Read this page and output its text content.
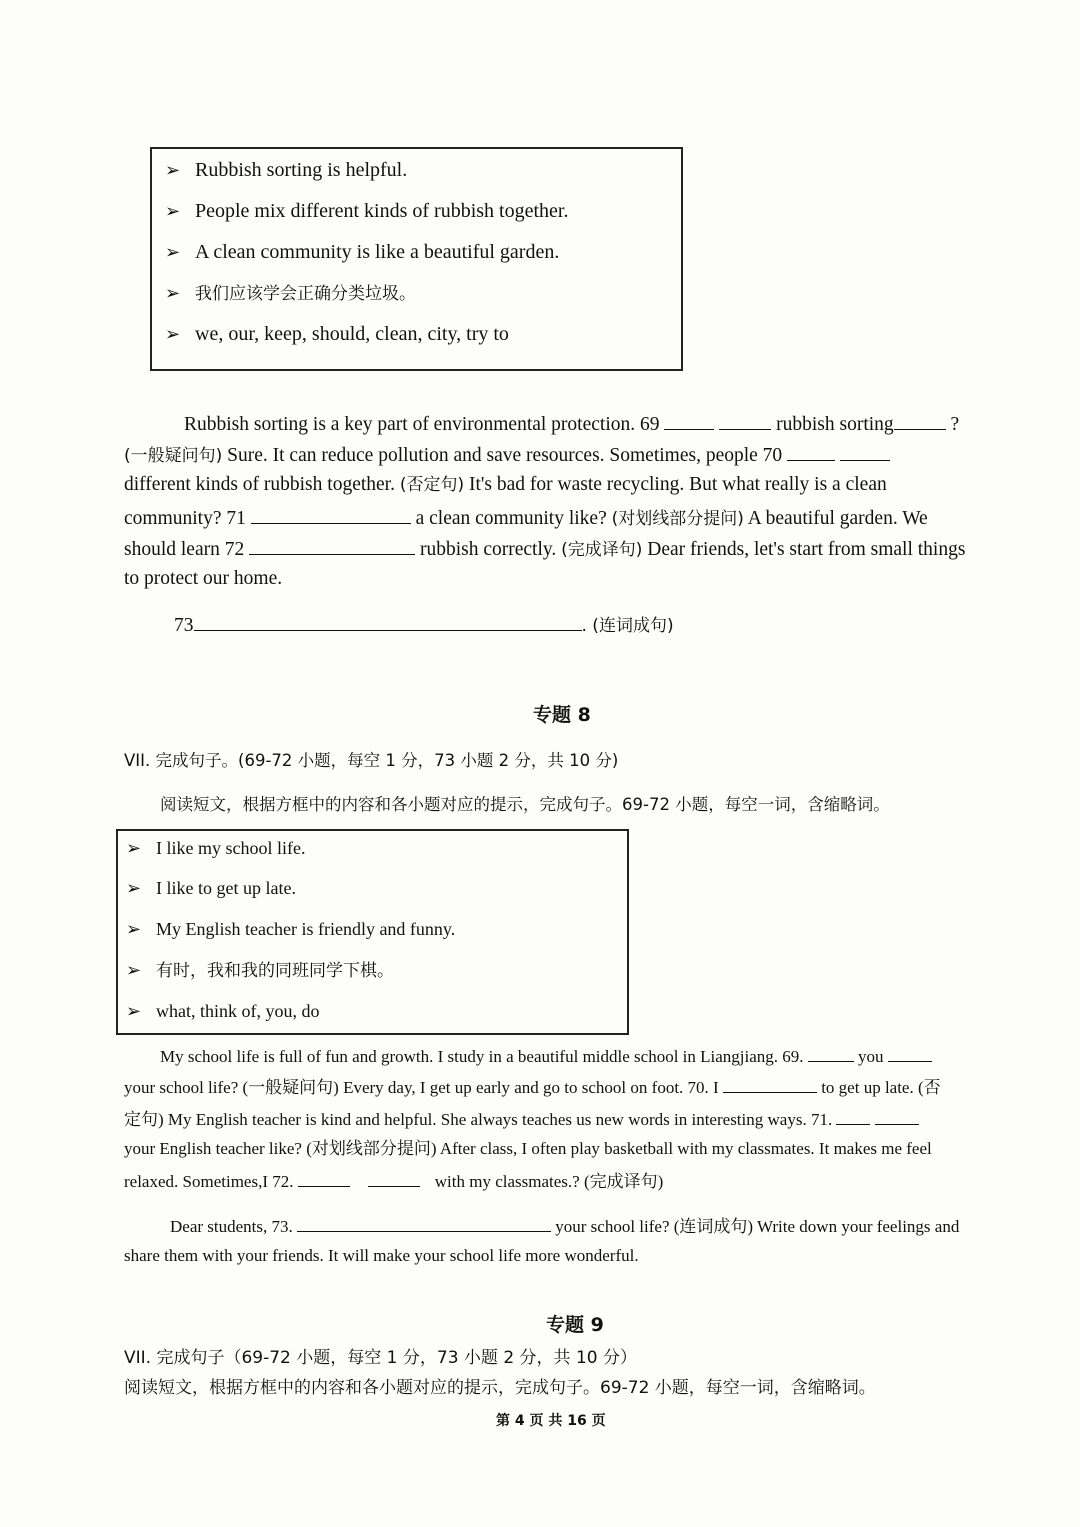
➢ Rubbish sorting is helpful.
➢ People mix different kinds of rubbish together.
➢ A clean community is like a beautiful garden.
➢ 我们应该学会正确分类垃圾。
➢ we, our, keep, should, clean, city, try to
Rubbish sorting is a key part of environmental protection. 69	rubbish sorting	?
(一般疑问句) Sure. It can reduce pollution and save resources. Sometimes, people 70
different kinds of rubbish together. (否定句) It's bad for waste recycling. But what really is a clean
community? 71	a clean community like? (对划线部分提问) A beautiful garden. We
should learn 72	rubbish correctly. (完成译句) Dear friends, let's start from small things
to protect our home.
73	. (连词成句)
专题 8
VII. 完成句子。(69-72 小题，每空 1 分，73 小题 2 分，共 10 分)
阅读短文，根据方框中的内容和各小题对应的提示，完成句子。69-72 小题，每空一词，含缩略词。
➢ I like my school life.
➢ I like to get up late.
➢ My English teacher is friendly and funny.
➢ 有时，我和我的同班同学下棋。
➢ what, think of, you, do
My school life is full of fun and growth. I study in a beautiful middle school in Liangjiang. 69.	you
your school life? (一般疑问句) Every day, I get up early and go to school on foot. 70. I	to get up late. (否
定句) My English teacher is kind and helpful. She always teaches us new words in interesting ways. 71.
your English teacher like? (对划线部分提问) After class, I often play basketball with my classmates. It makes me feel
relaxed. Sometimes,I 72.	with my classmates.? (完成译句)
Dear students, 73.	your school life? (连词成句) Write down your feelings and
share them with your friends. It will make your school life more wonderful.
专题 9
VII. 完成句子（69-72 小题，每空 1 分，73 小题 2 分，共 10 分）
阅读短文，根据方框中的内容和各小题对应的提示，完成句子。69-72 小题，每空一词，含缩略词。
第 4 页 共 16 页
